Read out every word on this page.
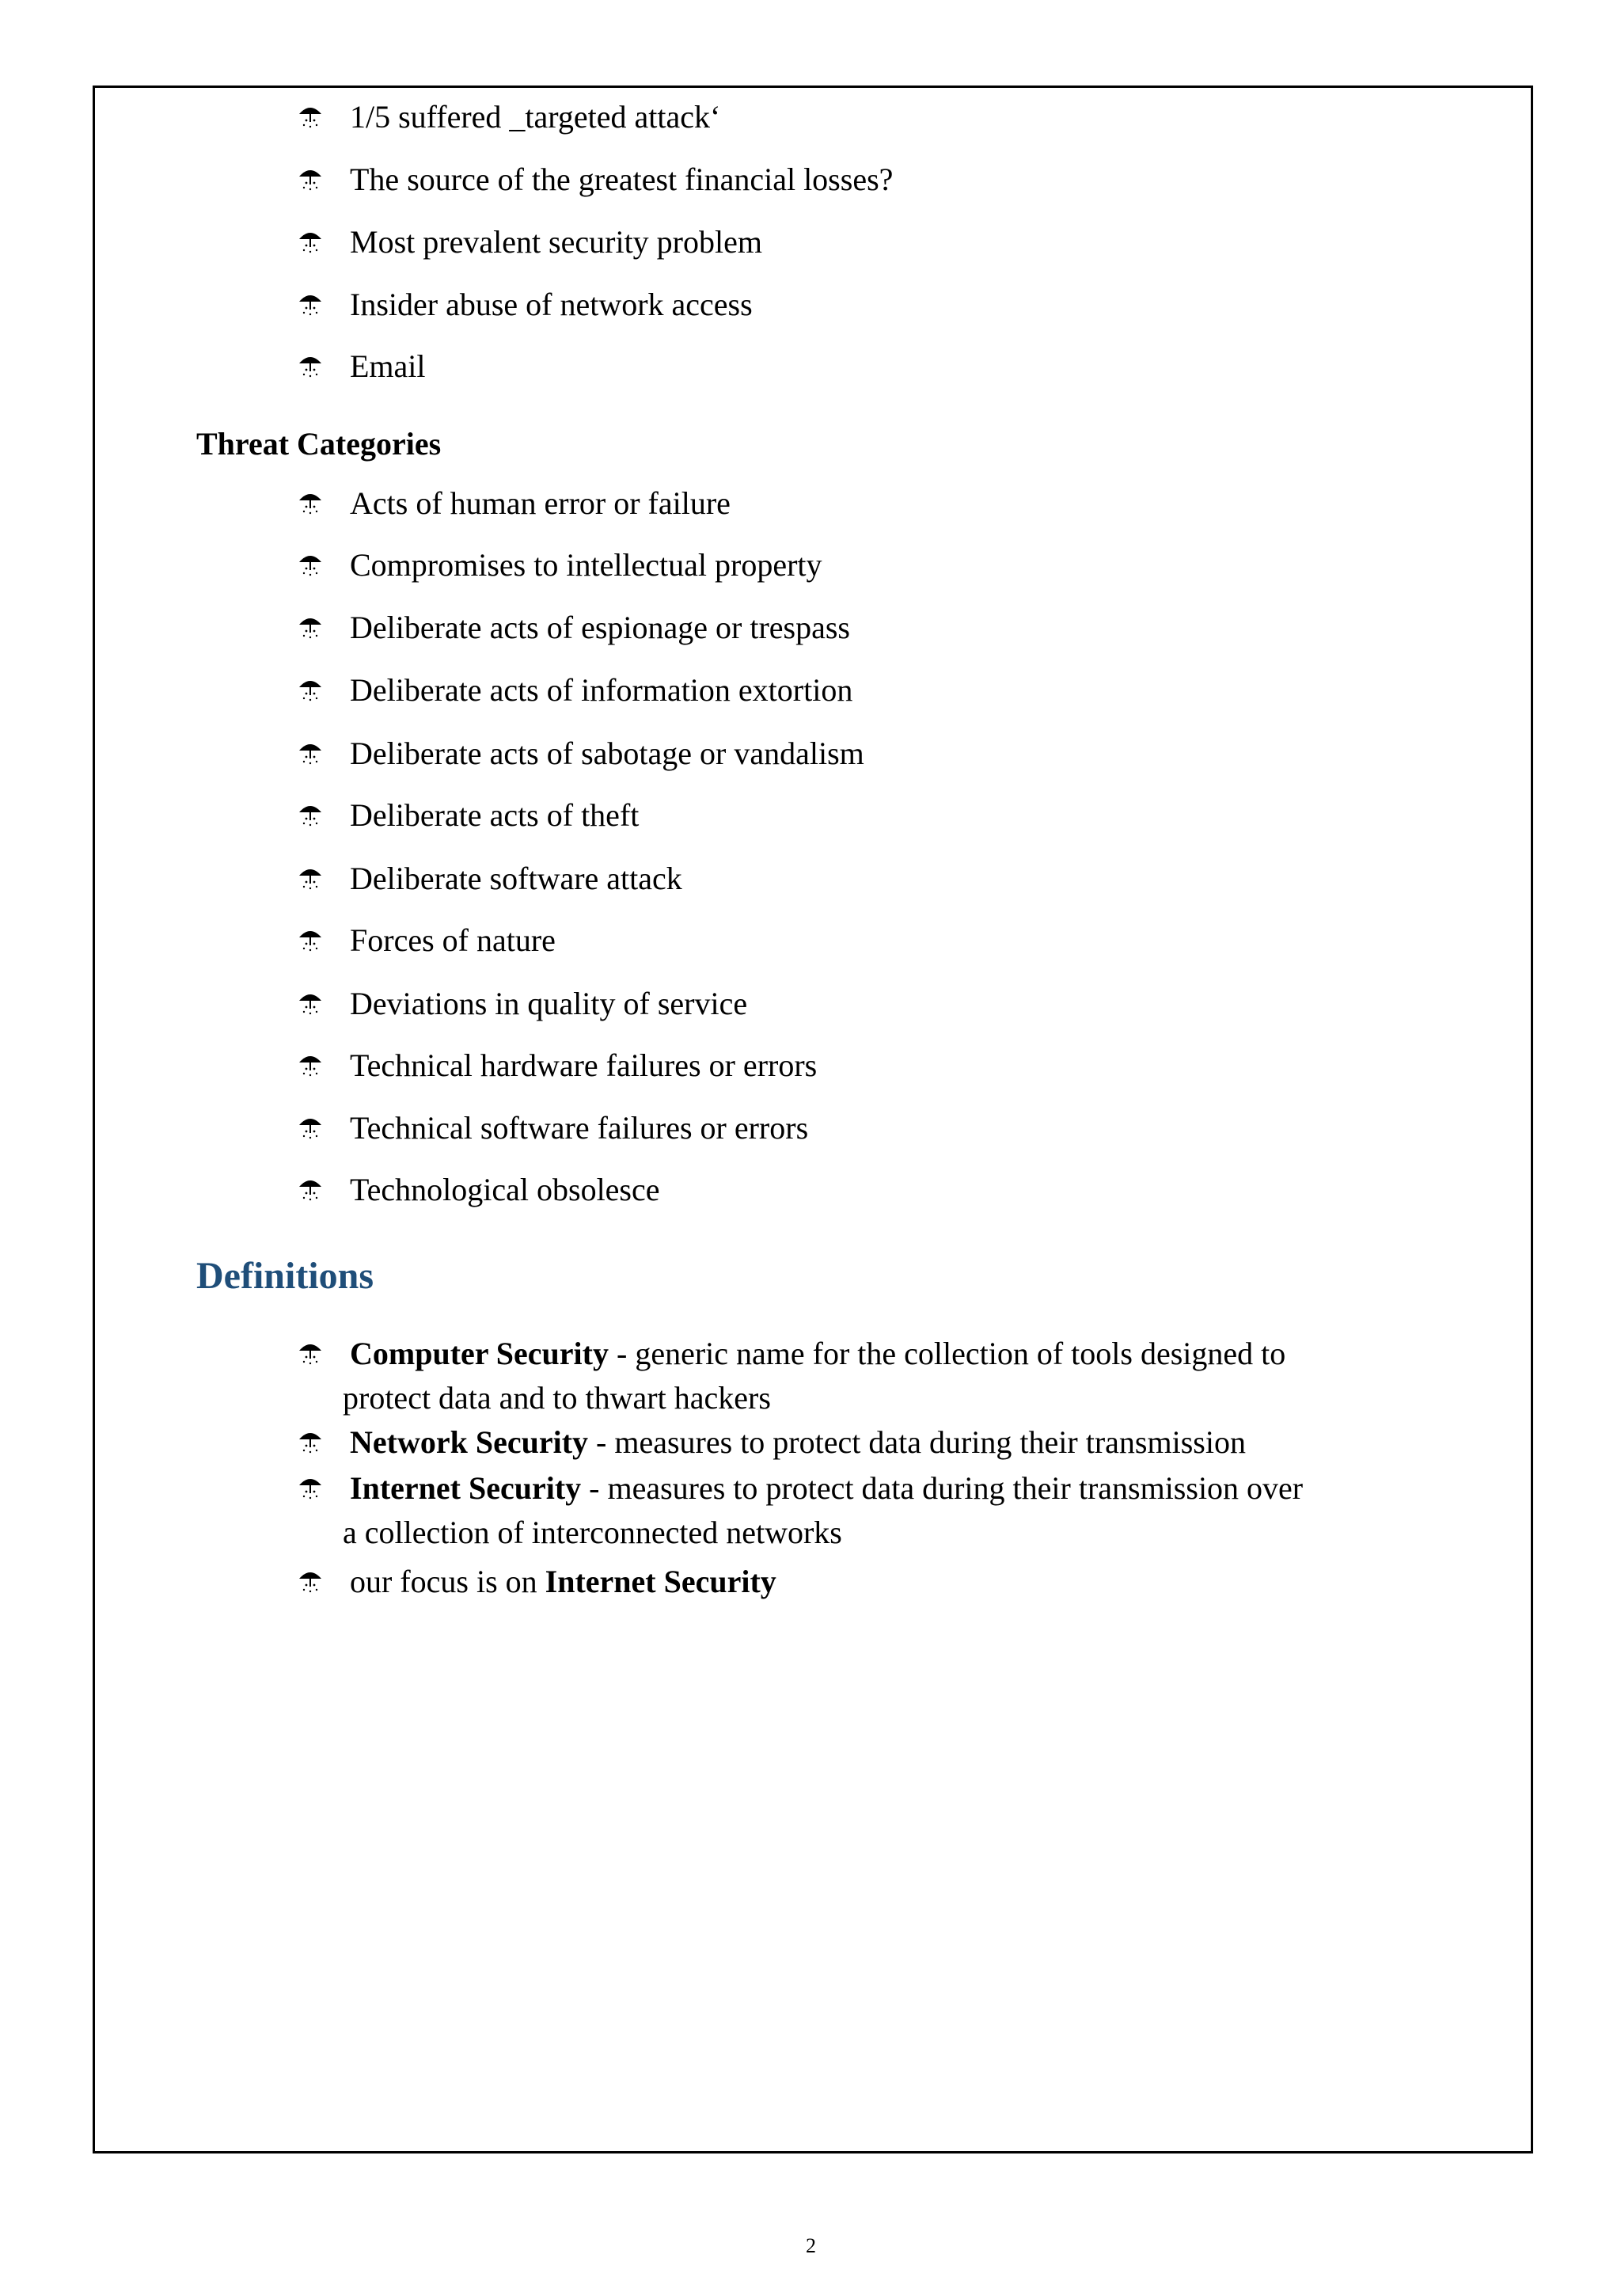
1/5 suffered _targeted attack‘
The source of the greatest financial losses?
Most prevalent security problem
Insider abuse of network access
Email
Threat Categories
Acts of human error or failure
Compromises to intellectual property
Deliberate acts of espionage or trespass
Deliberate acts of information extortion
Deliberate acts of sabotage or vandalism
Deliberate acts of theft
Deliberate software attack
Forces of nature
Deviations in quality of service
Technical hardware failures or errors
Technical software failures or errors
Technological obsolesce
Definitions
Computer Security - generic name for the collection of tools designed to
protect data and to thwart hackers
Network Security - measures to protect data during their transmission
Internet Security - measures to protect data during their transmission over
a collection of interconnected networks
our focus is on Internet Security
2
